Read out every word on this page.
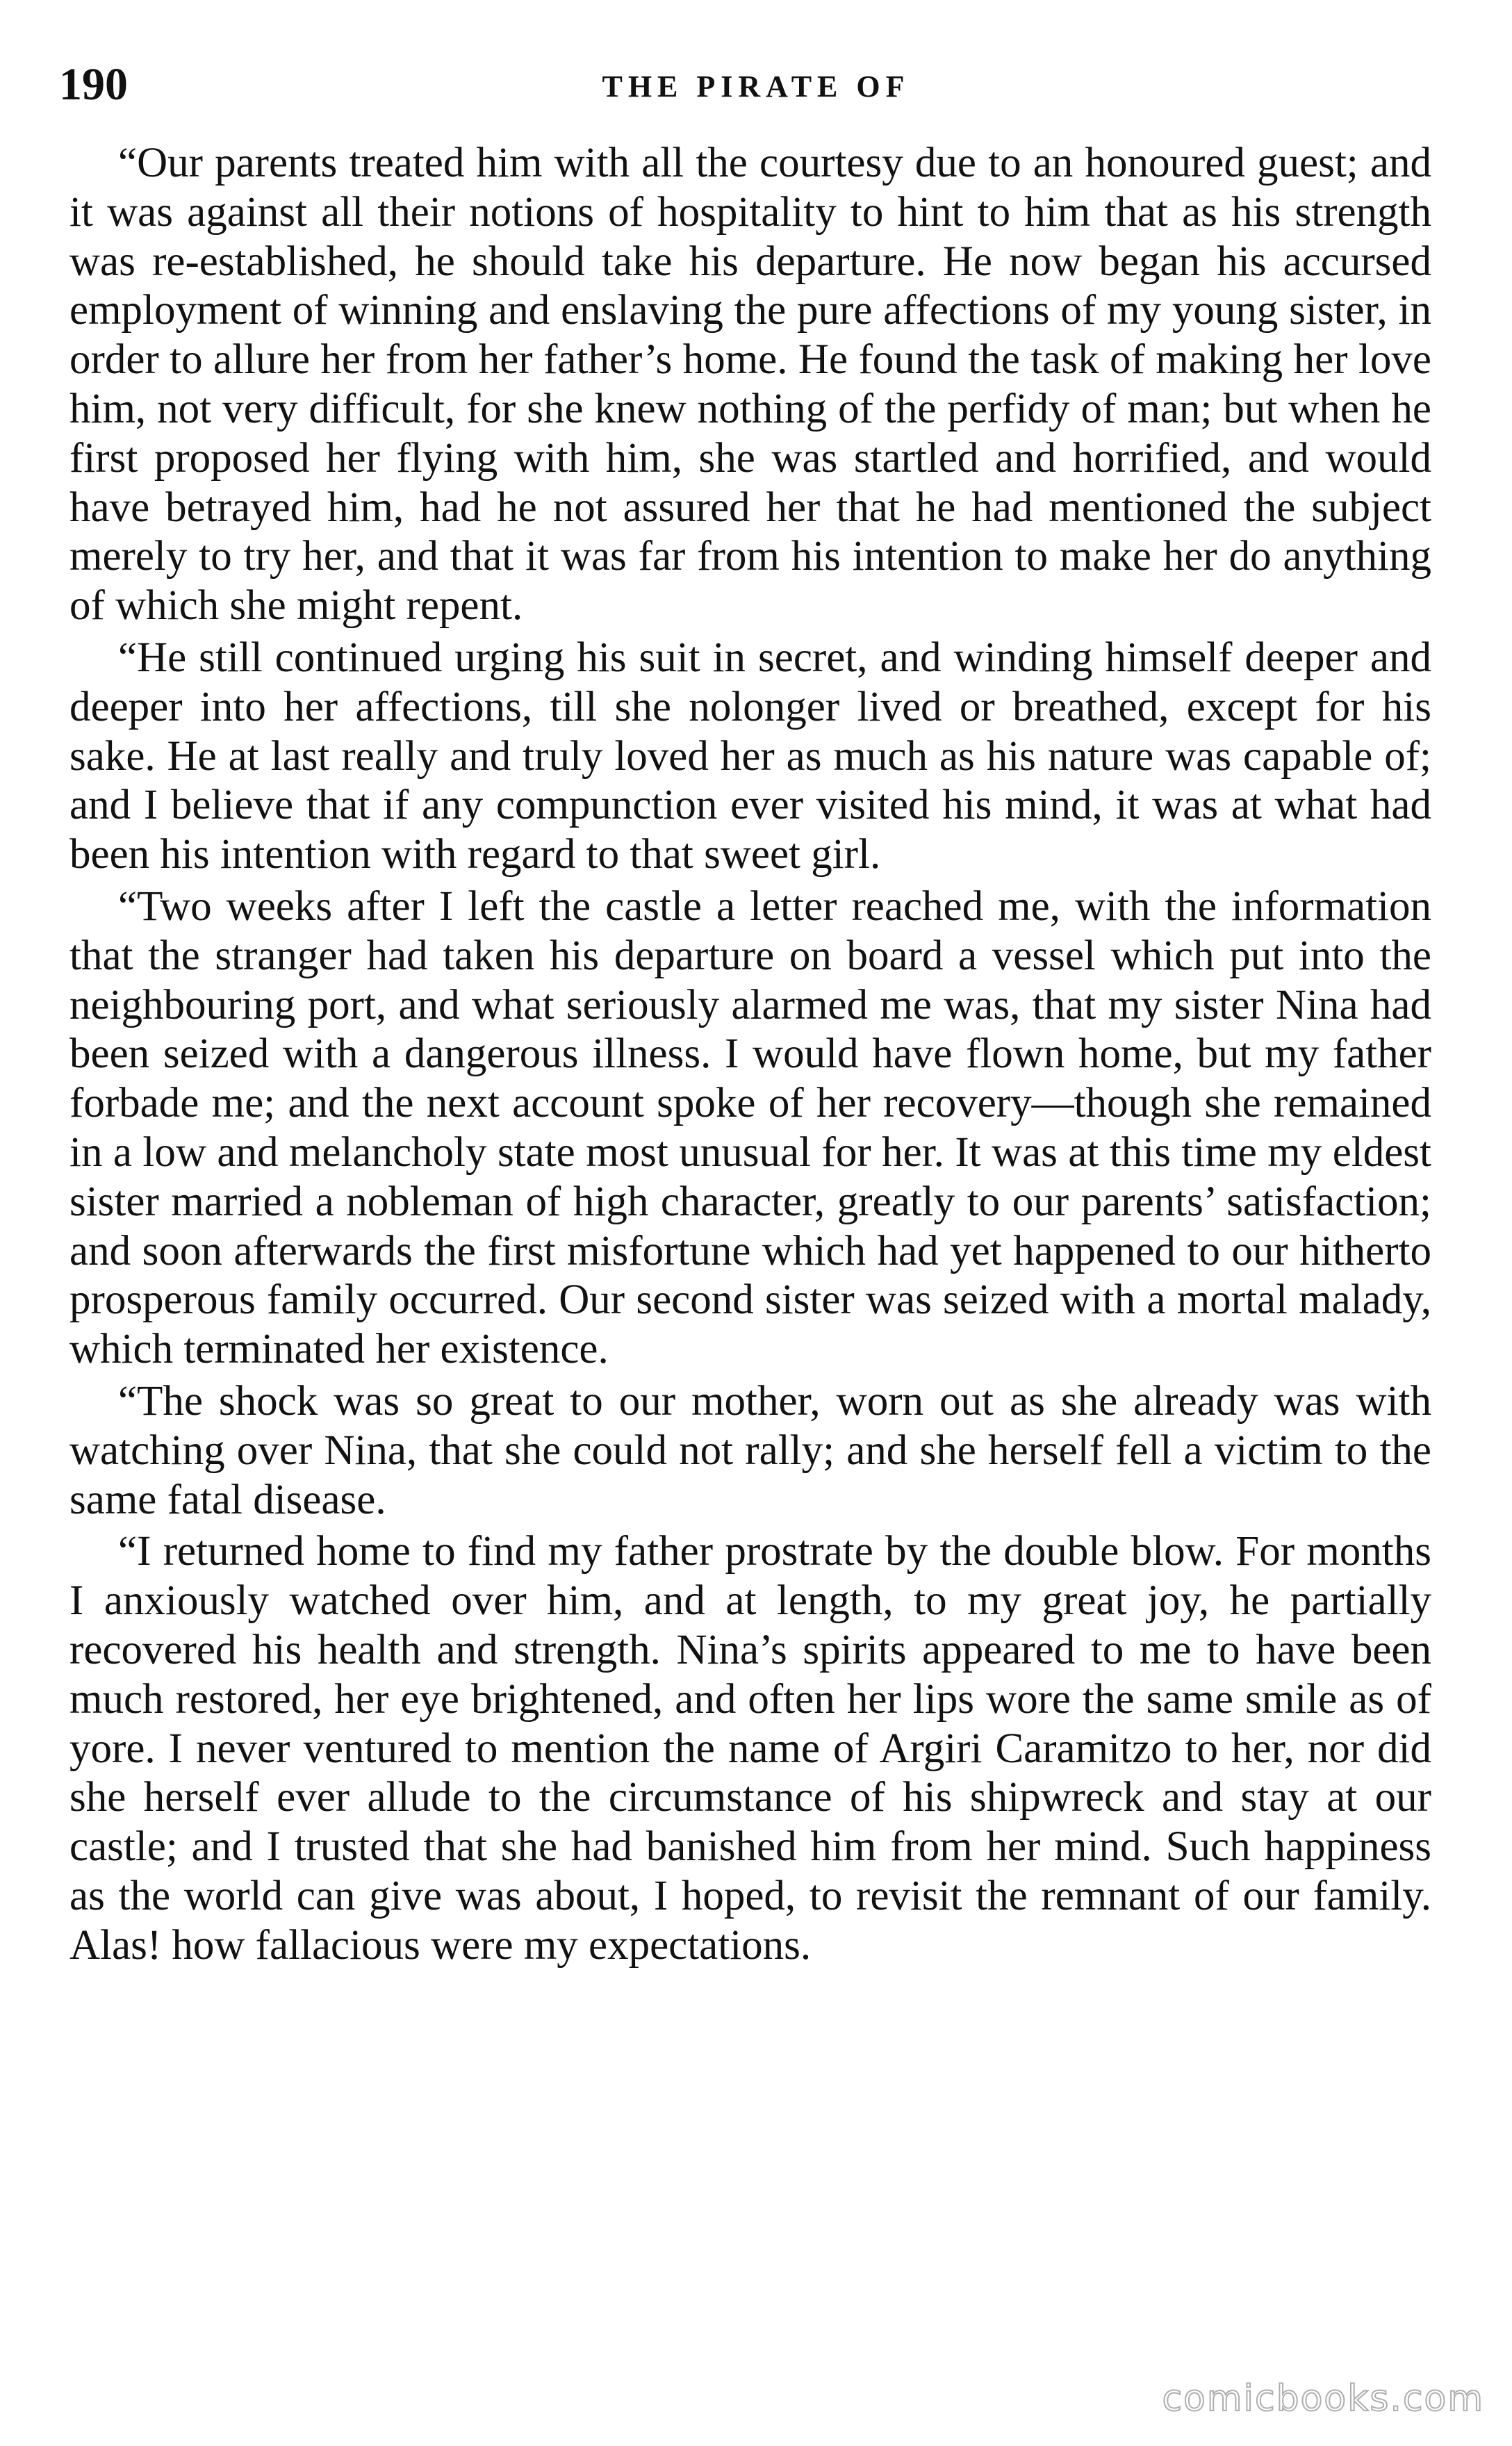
190	THE PIRATE OF

“Our parents treated him with all the courtesy due to an honoured guest; and it was against all their notions of hospitality to hint to him that as his strength was re-established, he should take his departure. He now began his accursed employment of winning and enslaving the pure affections of my young sister, in order to allure her from her father’s home. He found the task of making her love him, not very difficult, for she knew nothing of the perfidy of man; but when he first proposed her flying with him, she was startled and horrified, and would have betrayed him, had he not assured her that he had mentioned the subject merely to try her, and that it was far from his intention to make her do anything of which she might repent.

“He still continued urging his suit in secret, and winding himself deeper and deeper into her affections, till she nolonger lived or breathed, except for his sake. He at last really and truly loved her as much as his nature was capable of; and I believe that if any compunction ever visited his mind, it was at what had been his intention with regard to that sweet girl.

“Two weeks after I left the castle a letter reached me, with the information that the stranger had taken his departure on board a vessel which put into the neighbouring port, and what seriously alarmed me was, that my sister Nina had been seized with a dangerous illness. I would have flown home, but my father forbade me; and the next account spoke of her recovery—though she remained in a low and melancholy state most unusual for her. It was at this time my eldest sister married a nobleman of high character, greatly to our parents’ satisfaction; and soon afterwards the first misfortune which had yet happened to our hitherto prosperous family occurred. Our second sister was seized with a mortal malady, which terminated her existence.

“The shock was so great to our mother, worn out as she already was with watching over Nina, that she could not rally; and she herself fell a victim to the same fatal disease.

“I returned home to find my father prostrate by the double blow. For months I anxiously watched over him, and at length, to my great joy, he partially recovered his health and strength. Nina’s spirits appeared to me to have been much restored, her eye brightened, and often her lips wore the same smile as of yore. I never ventured to mention the name of Argiri Caramitzo to her, nor did she herself ever allude to the circumstance of his shipwreck and stay at our castle; and I trusted that she had banished him from her mind. Such happiness as the world can give was about, I hoped, to revisit the remnant of our family. Alas! how fallacious were my expectations.

comicbooks.com
